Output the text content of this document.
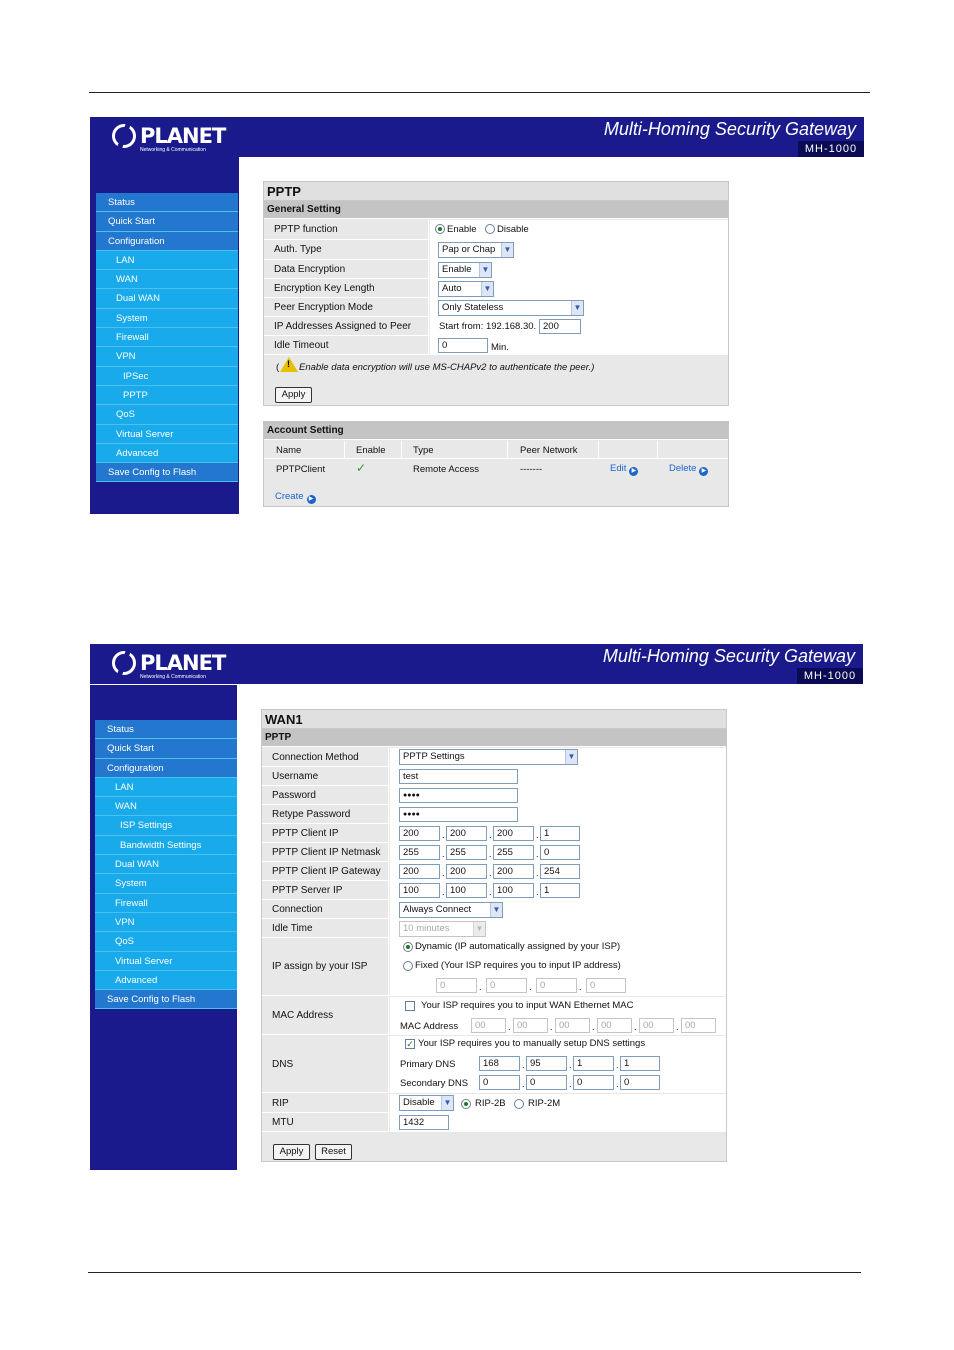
PLANET
Networking & Communication
Multi-Homing Security Gateway
MH-1000
Status
Quick Start
Configuration
LAN
WAN
Dual WAN
System
Firewall
VPN
IPSec
PPTP
QoS
Virtual Server
Advanced
Save Config to Flash
PPTP
General Setting
PPTP function	Enable Disable
Auth. Type	Pap or Chap	▼
Data Encryption	Enable	▼
Encryption Key Length	Auto	▼
Peer Encryption Mode	Only Stateless	▼
IP Addresses Assigned to Peer	Start from: 192.168.30. 200
Idle Timeout	0	Min.
( ! Enable data encryption will use MS-CHAPv2 to authenticate the peer.)
Apply
Account Setting
Name	Enable	Type	Peer Network
PPTPClient	✓	Remote Access	-------	Edit ▶	Delete ▶
Create ▶
PLANET
Networking & Communication
Multi-Homing Security Gateway
MH-1000
Status
Quick Start
Configuration
LAN
WAN
ISP Settings
Bandwidth Settings
Dual WAN
System
Firewall
VPN
QoS
Virtual Server
Advanced
Save Config to Flash
WAN1
PPTP
Connection Method	PPTP Settings	▼
Username	test
Password	●●●●
Retype Password	●●●●
PPTP Client IP	200	. 200	. 200	. 1
PPTP Client IP Netmask	255	. 255	. 255	. 0
PPTP Client IP Gateway	200	. 200	. 200	. 254
PPTP Server IP	100	. 100	. 100	. 1
Connection	Always Connect	▼
Idle Time	10 minutes	▼
IP assign by your ISP
Dynamic (IP automatically assigned by your ISP)
Fixed (Your ISP requires you to input IP address)
0	. 0	. 0	. 0
MAC Address
Your ISP requires you to input WAN Ethernet MAC
MAC Address	00	. 00	. 00	. 00	. 00	. 00
DNS
✓ Your ISP requires you to manually setup DNS settings
Primary DNS	168	. 95	. 1	. 1
Secondary DNS	0	. 0	. 0	. 0
RIP	Disable	▼ RIP-2B RIP-2M
MTU	1432
Apply	Reset
